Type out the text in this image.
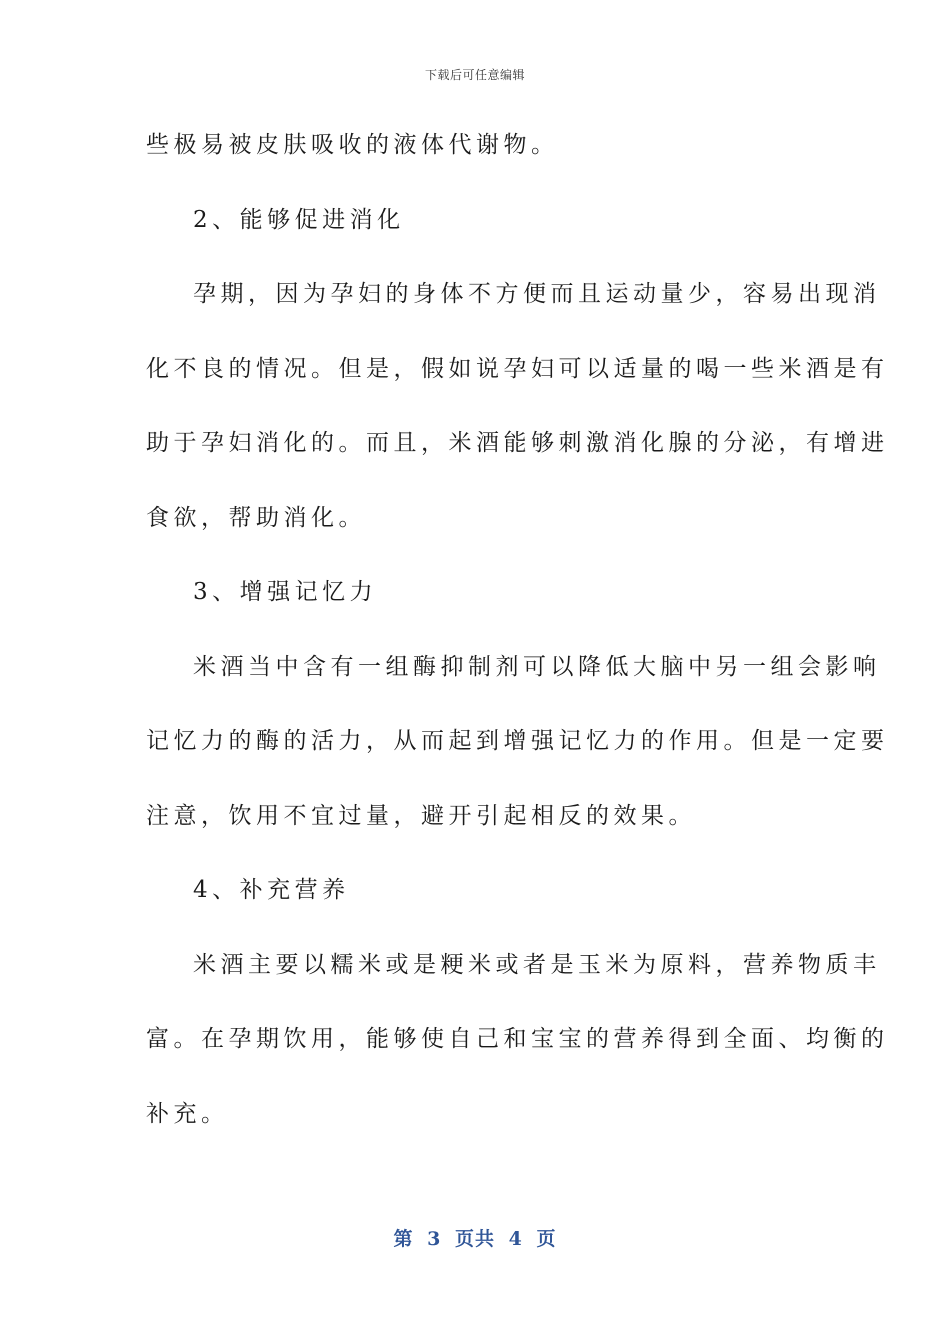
下载后可任意编辑
些极易被皮肤吸收的液体代谢物。
2、能够促进消化
孕期，因为孕妇的身体不方便而且运动量少，容易出现消
化不良的情况。但是，假如说孕妇可以适量的喝一些米酒是有
助于孕妇消化的。而且，米酒能够刺激消化腺的分泌，有增进
食欲，帮助消化。
3、增强记忆力
米酒当中含有一组酶抑制剂可以降低大脑中另一组会影响
记忆力的酶的活力，从而起到增强记忆力的作用。但是一定要
注意，饮用不宜过量，避开引起相反的效果。
4、补充营养
米酒主要以糯米或是粳米或者是玉米为原料，营养物质丰
富。在孕期饮用，能够使自己和宝宝的营养得到全面、均衡的
补充。
第 3 页共 4 页
